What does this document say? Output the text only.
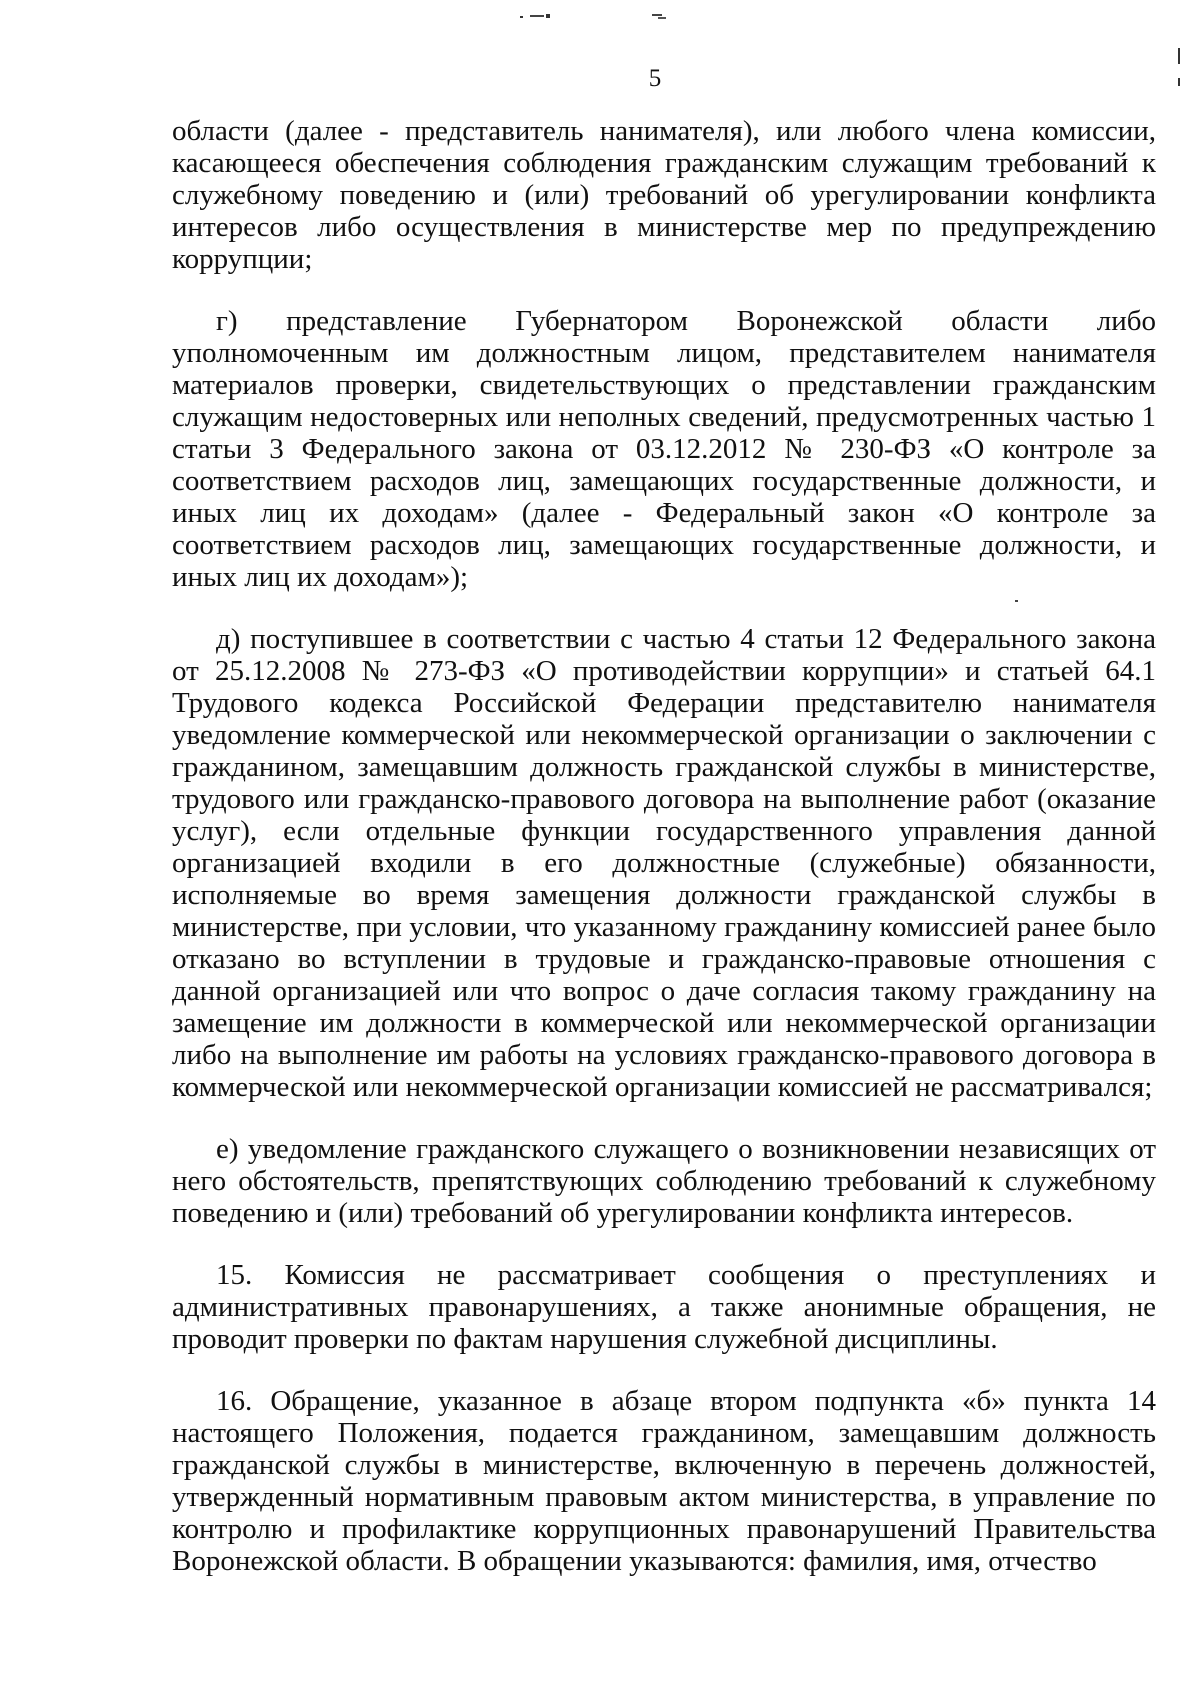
5

области (далее - представитель нанимателя), или любого члена комиссии, касающееся обеспечения соблюдения гражданским служащим требований к служебному поведению и (или) требований об урегулировании конфликта интересов либо осуществления в министерстве мер по предупреждению коррупции;

г) представление Губернатором Воронежской области либо уполномоченным им должностным лицом, представителем нанимателя материалов проверки, свидетельствующих о представлении гражданским служащим недостоверных или неполных сведений, предусмотренных частью 1 статьи 3 Федерального закона от 03.12.2012 № 230-ФЗ «О контроле за соответствием расходов лиц, замещающих государственные должности, и иных лиц их доходам» (далее - Федеральный закон «О контроле за соответствием расходов лиц, замещающих государственные должности, и иных лиц их доходам»);

д) поступившее в соответствии с частью 4 статьи 12 Федерального закона от 25.12.2008 № 273-ФЗ «О противодействии коррупции» и статьей 64.1 Трудового кодекса Российской Федерации представителю нанимателя уведомление коммерческой или некоммерческой организации о заключении с гражданином, замещавшим должность гражданской службы в министерстве, трудового или гражданско-правового договора на выполнение работ (оказание услуг), если отдельные функции государственного управления данной организацией входили в его должностные (служебные) обязанности, исполняемые во время замещения должности гражданской службы в министерстве, при условии, что указанному гражданину комиссией ранее было отказано во вступлении в трудовые и гражданско-правовые отношения с данной организацией или что вопрос о даче согласия такому гражданину на замещение им должности в коммерческой или некоммерческой организации либо на выполнение им работы на условиях гражданско-правового договора в коммерческой или некоммерческой организации комиссией не рассматривался;

е) уведомление гражданского служащего о возникновении независящих от него обстоятельств, препятствующих соблюдению требований к служебному поведению и (или) требований об урегулировании конфликта интересов.

15. Комиссия не рассматривает сообщения о преступлениях и административных правонарушениях, а также анонимные обращения, не проводит проверки по фактам нарушения служебной дисциплины.

16. Обращение, указанное в абзаце втором подпункта «б» пункта 14 настоящего Положения, подается гражданином, замещавшим должность гражданской службы в министерстве, включенную в перечень должностей, утвержденный нормативным правовым актом министерства, в управление по контролю и профилактике коррупционных правонарушений Правительства Воронежской области. В обращении указываются: фамилия, имя, отчество
